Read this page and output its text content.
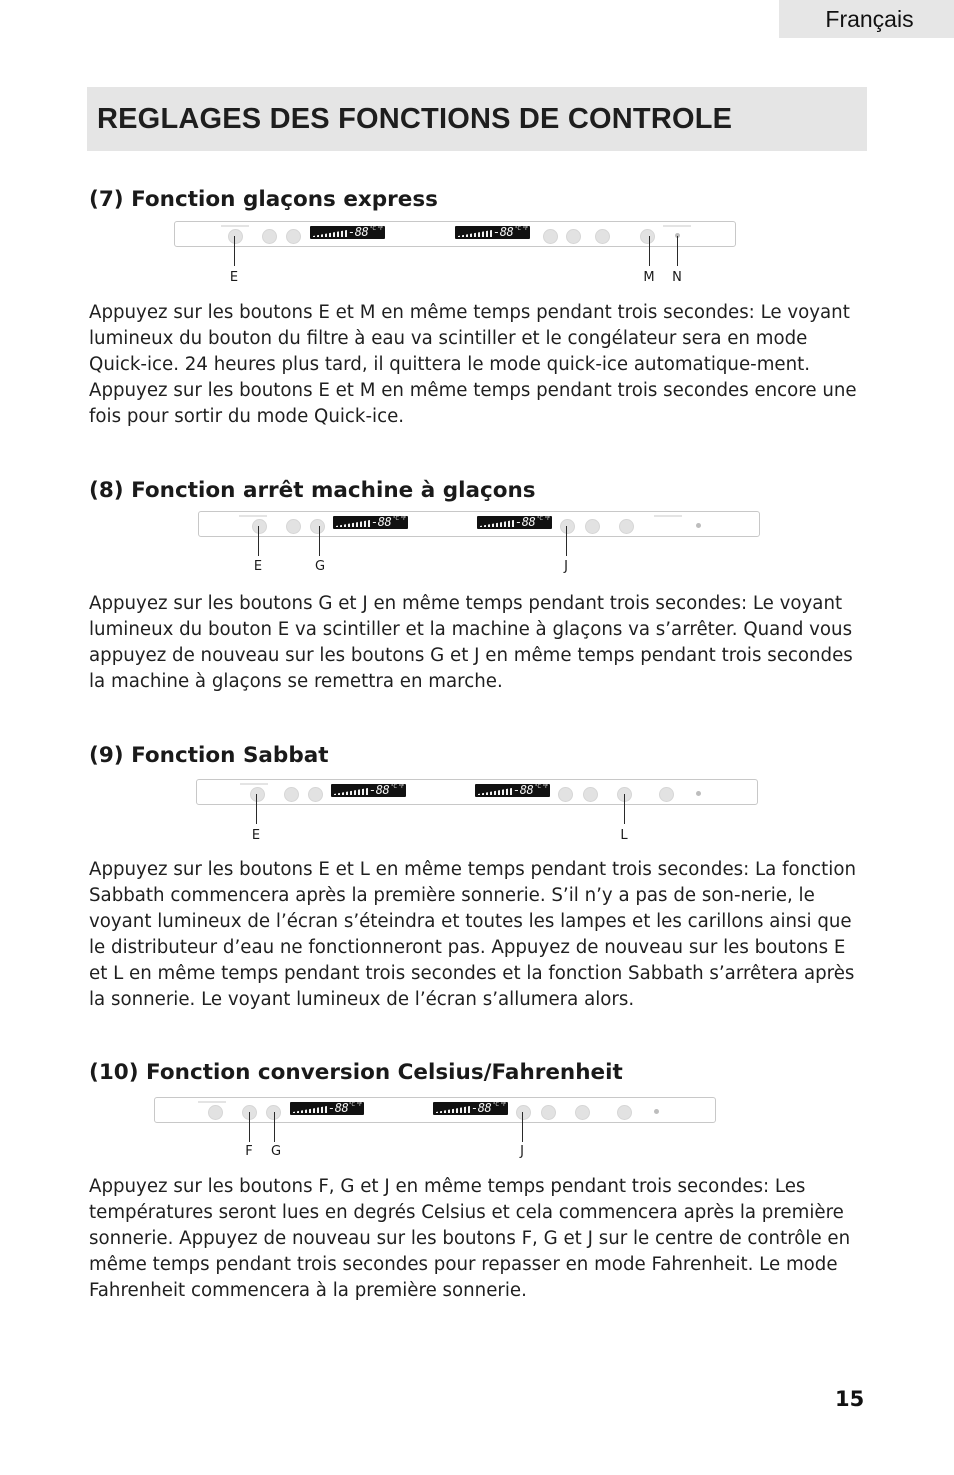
Français
REGLAGES DES FONCTIONS DE CONTROLE
(7) Fonction glaçons express
-88 °C °F	-88 °C °F
E	M N

Appuyez sur les boutons E et M en même temps pendant trois secondes: Le voyant lumineux du bouton du filtre à eau va scintiller et le congélateur sera en mode Quick-ice. 24 heures plus tard, il quittera le mode quick-ice automatique-ment. Appuyez sur les boutons E et M en même temps pendant trois secondes encore une fois pour sortir du mode Quick-ice.

(8) Fonction arrêt machine à glaçons
-88 °C °F	-88 °C °F
E	G	J

Appuyez sur les boutons G et J en même temps pendant trois secondes: Le voyant lumineux du bouton E va scintiller et la machine à glaçons va s’arrêter. Quand vous appuyez de nouveau sur les boutons G et J en même temps pendant trois secondes la machine à glaçons se remettra en marche.

(9) Fonction Sabbat
-88 °C °F	-88 °C °F
E	L

Appuyez sur les boutons E et L en même temps pendant trois secondes: La fonction Sabbath commencera après la première sonnerie. S’il n’y a pas de son-nerie, le voyant lumineux de l’écran s’éteindra et toutes les lampes et les carillons ainsi que le distributeur d’eau ne fonctionneront pas. Appuyez de nouveau sur les boutons E et L en même temps pendant trois secondes et la fonction Sabbath s’arrêtera après la sonnerie. Le voyant lumineux de l’écran s’allumera alors.

(10) Fonction conversion Celsius/Fahrenheit
-88 °C °F	-88 °C °F
F G	J

Appuyez sur les boutons F, G et J en même temps pendant trois secondes: Les températures seront lues en degrés Celsius et cela commencera après la première sonnerie. Appuyez de nouveau sur les boutons F, G et J sur le centre de contrôle en même temps pendant trois secondes pour repasser en mode Fahrenheit. Le mode Fahrenheit commencera à la première sonnerie.

15
